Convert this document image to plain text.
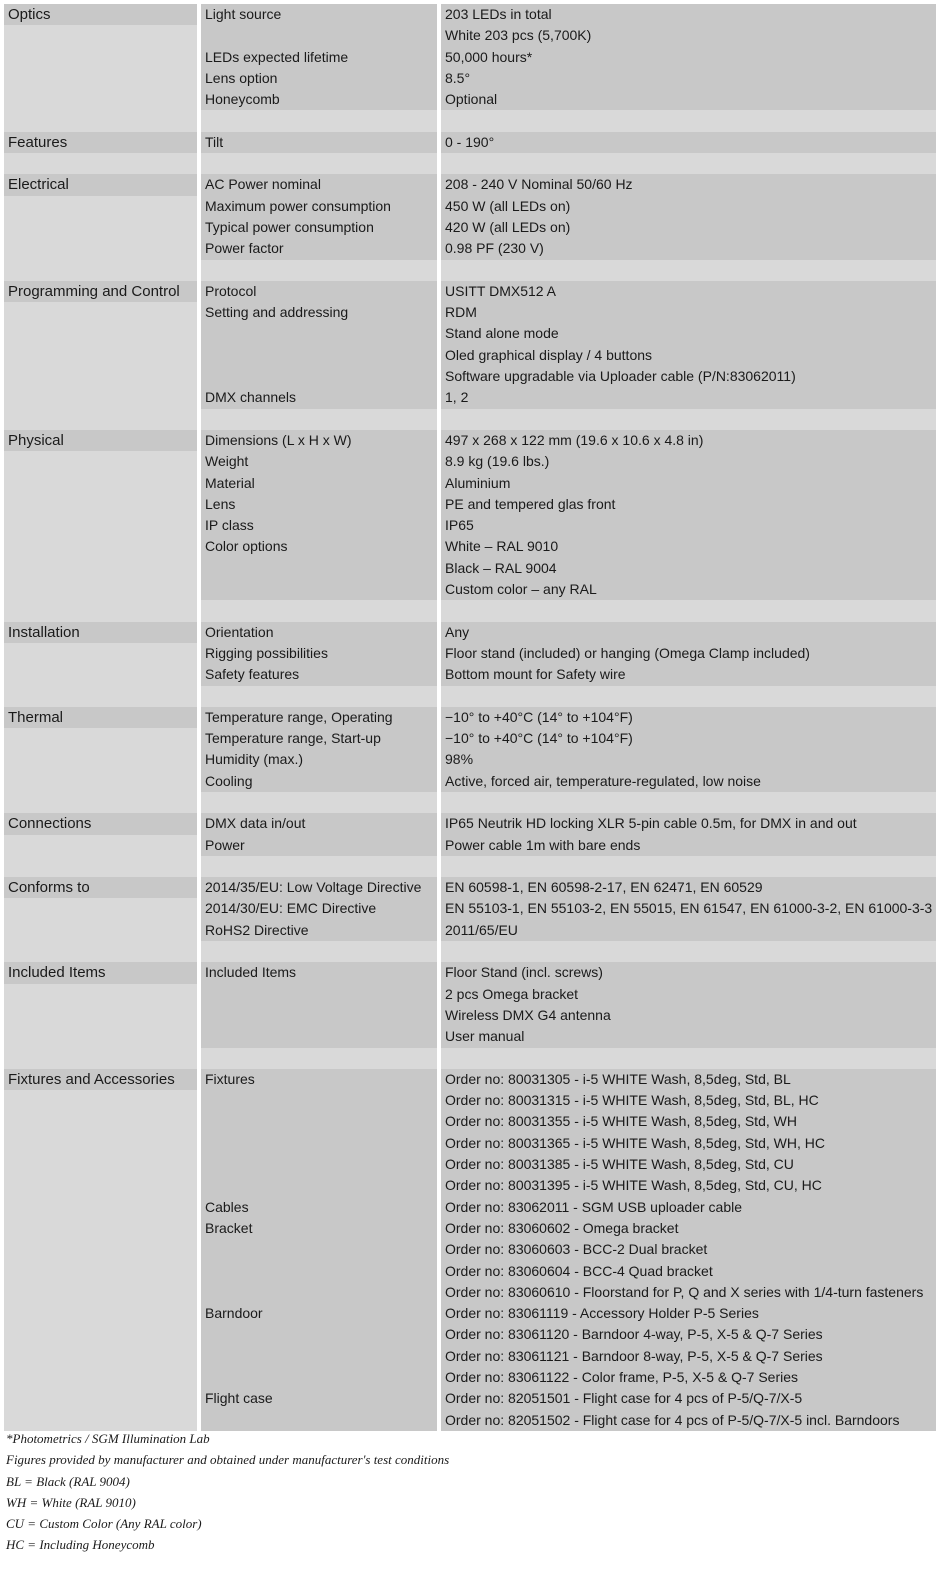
Optics	Light source	203 LEDs in total
White 203 pcs (5,700K)
LEDs expected lifetime	50,000 hours*
Lens option	8.5°
Honeycomb	Optional
Features	Tilt	0 - 190°
Electrical	AC Power nominal	208 - 240 V Nominal 50/60 Hz
Maximum power consumption	450 W (all LEDs on)
Typical power consumption	420 W (all LEDs on)
Power factor	0.98 PF (230 V)
Programming and Control	Protocol	USITT DMX512 A
Setting and addressing	RDM
Stand alone mode
Oled graphical display / 4 buttons
Software upgradable via Uploader cable (P/N:83062011)
DMX channels	1, 2
Physical	Dimensions (L x H x W)	497 x 268 x 122 mm (19.6 x 10.6 x 4.8 in)
Weight	8.9 kg (19.6 lbs.)
Material	Aluminium
Lens	PE and tempered glas front
IP class	IP65
Color options	White – RAL 9010
Black – RAL 9004
Custom color – any RAL
Installation	Orientation	Any
Rigging possibilities	Floor stand (included) or hanging (Omega Clamp included)
Safety features	Bottom mount for Safety wire
Thermal	Temperature range, Operating	−10° to +40°C (14° to +104°F)
Temperature range, Start-up	−10° to +40°C (14° to +104°F)
Humidity (max.)	98%
Cooling	Active, forced air, temperature-regulated, low noise
Connections	DMX data in/out	IP65 Neutrik HD locking XLR 5-pin cable 0.5m, for DMX in and out
Power	Power cable 1m with bare ends
Conforms to	2014/35/EU: Low Voltage Directive	EN 60598-1, EN 60598-2-17, EN 62471, EN 60529
2014/30/EU: EMC Directive	EN 55103-1, EN 55103-2, EN 55015, EN 61547, EN 61000-3-2, EN 61000-3-3
RoHS2 Directive	2011/65/EU
Included Items	Included Items	Floor Stand (incl. screws)
2 pcs Omega bracket
Wireless DMX G4 antenna
User manual
Fixtures and Accessories	Fixtures	Order no: 80031305 - i-5 WHITE Wash, 8,5deg, Std, BL
Order no: 80031315 - i-5 WHITE Wash, 8,5deg, Std, BL, HC
Order no: 80031355 - i-5 WHITE Wash, 8,5deg, Std, WH
Order no: 80031365 - i-5 WHITE Wash, 8,5deg, Std, WH, HC
Order no: 80031385 - i-5 WHITE Wash, 8,5deg, Std, CU
Order no: 80031395 - i-5 WHITE Wash, 8,5deg, Std, CU, HC
Cables	Order no: 83062011 - SGM USB uploader cable
Bracket	Order no: 83060602 - Omega bracket
Order no: 83060603 - BCC-2 Dual bracket
Order no: 83060604 - BCC-4 Quad bracket
Order no: 83060610 - Floorstand for P, Q and X series with 1/4-turn fasteners
Barndoor	Order no: 83061119 - Accessory Holder P-5 Series
Order no: 83061120 - Barndoor 4-way, P-5, X-5 & Q-7 Series
Order no: 83061121 - Barndoor 8-way, P-5, X-5 & Q-7 Series
Order no: 83061122 - Color frame, P-5, X-5 & Q-7 Series
Flight case	Order no: 82051501 - Flight case for 4 pcs of P-5/Q-7/X-5
Order no: 82051502 - Flight case for 4 pcs of P-5/Q-7/X-5 incl. Barndoors
*Photometrics / SGM Illumination Lab
Figures provided by manufacturer and obtained under manufacturer's test conditions
BL = Black (RAL 9004)
WH = White (RAL 9010)
CU = Custom Color (Any RAL color)
HC = Including Honeycomb
